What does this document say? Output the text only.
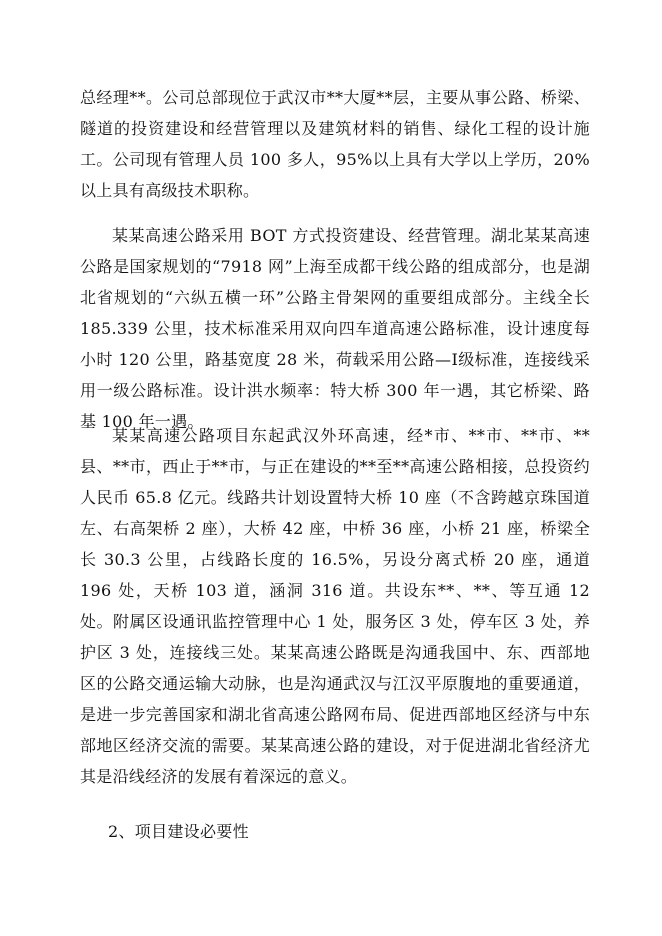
总经理**。公司总部现位于武汉市**大厦**层，主要从事公路、桥梁、隧道的投资建设和经营管理以及建筑材料的销售、绿化工程的设计施工。公司现有管理人员 100 多人，95%以上具有大学以上学历，20%以上具有高级技术职称。

某某高速公路采用 BOT 方式投资建设、经营管理。湖北某某高速公路是国家规划的“7918 网”上海至成都干线公路的组成部分，也是湖北省规划的“六纵五横一环”公路主骨架网的重要组成部分。主线全长 185.339 公里，技术标准采用双向四车道高速公路标准，设计速度每小时 120 公里，路基宽度 28 米，荷载采用公路—Ⅰ级标准，连接线采用一级公路标准。设计洪水频率：特大桥 300 年一遇，其它桥梁、路基 100 年一遇。

某某高速公路项目东起武汉外环高速，经*市、**市、**市、**县、**市，西止于**市，与正在建设的**至**高速公路相接，总投资约人民币 65.8 亿元。线路共计划设置特大桥 10 座（不含跨越京珠国道左、右高架桥 2 座），大桥 42 座，中桥 36 座，小桥 21 座，桥梁全长 30.3 公里，占线路长度的 16.5%，另设分离式桥 20 座，通道 196 处，天桥 103 道，涵洞 316 道。共设东**、**、等互通 12 处。附属区设通讯监控管理中心 1 处，服务区 3 处，停车区 3 处，养护区 3 处，连接线三处。某某高速公路既是沟通我国中、东、西部地区的公路交通运输大动脉，也是沟通武汉与江汉平原腹地的重要通道，是进一步完善国家和湖北省高速公路网布局、促进西部地区经济与中东部地区经济交流的需要。某某高速公路的建设，对于促进湖北省经济尤其是沿线经济的发展有着深远的意义。

2、项目建设必要性
